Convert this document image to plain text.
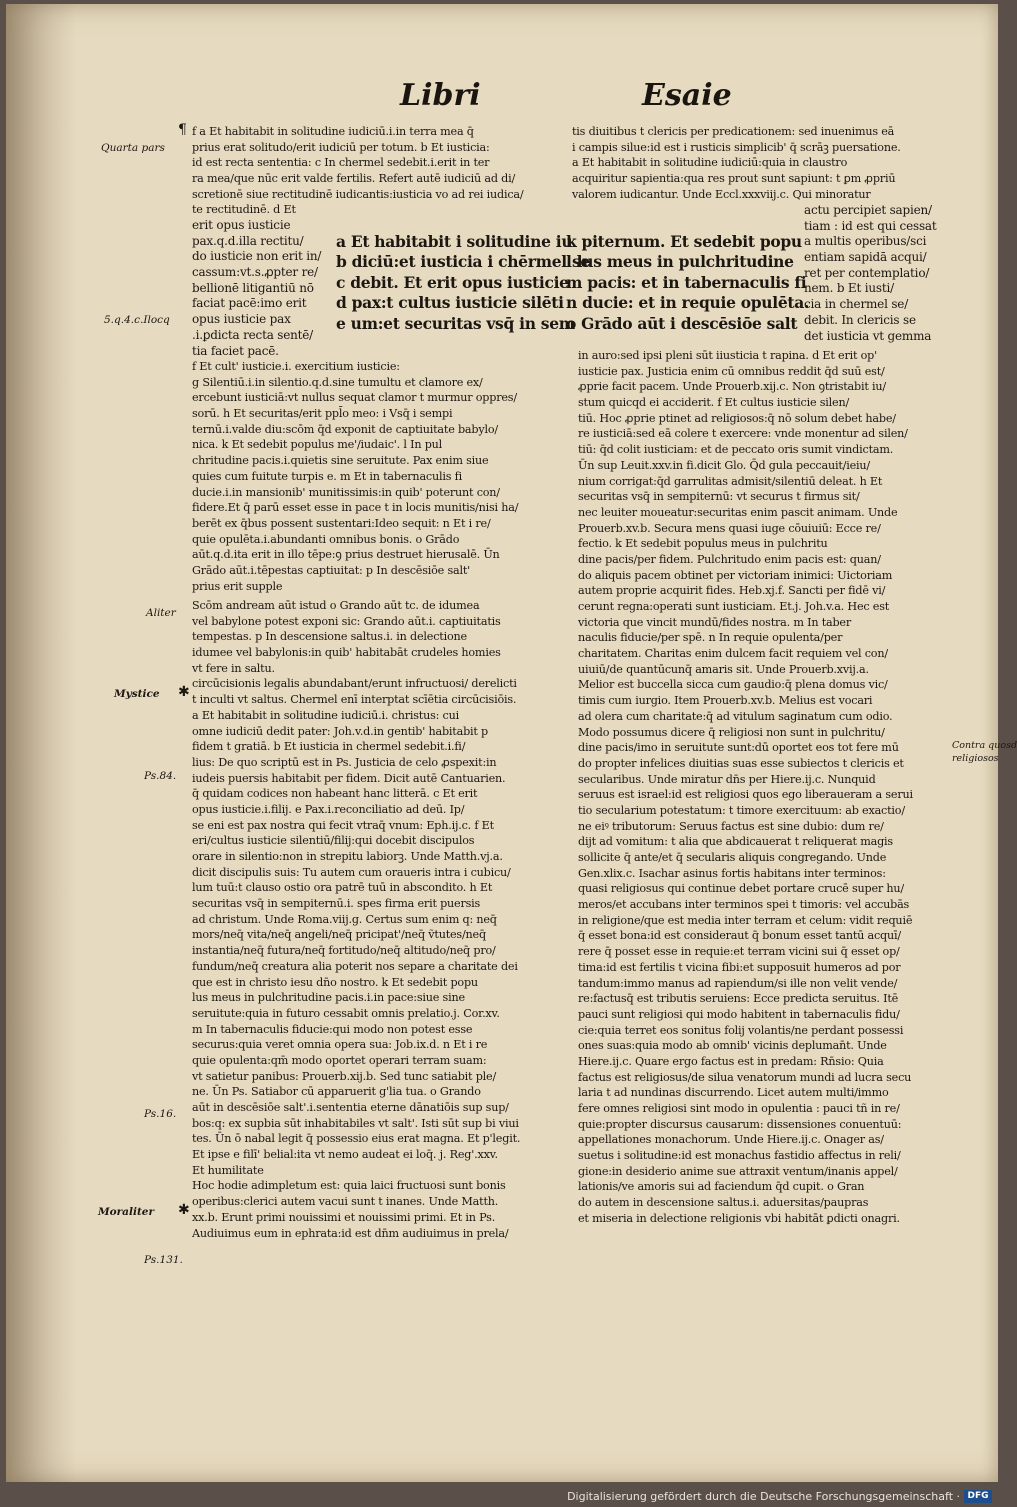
Libri	Esaie
Quarta pars
5.q.4.c.Ilocq
Aliter
Mystice
Ps.84.
Ps.16.
Moraliter
Ps.131.
Contra quosd
religiosos
f a Et habitabit in solitudine iudiciū.i.in terra mea q̄
prius erat solitudo/erit iudiciū per totum. b Et iusticia:
id est recta sententia: c In chermel sedebit.i.erit in ter
ra mea/que nūc erit valde fertilis. Refert autē iudiciū ad di/
scretionē siue rectitudinē iudicantis:iusticia vo ad rei iudica/
te rectitudinē. d Et
erit opus iusticie
pax.q.d.illa rectitu/
do iusticie non erit in/
cassum:vt.s.ꝓpter re/
bellionē litigantiū nō
faciat pacē:imo erit
opus iusticie pax
.i.ꝑdicta recta sentē/
tia faciet pacē.
a Et habitabit i solitudine iu
b diciū:et iusticia i chērmel se
c debit. Et erit opus iusticie
d pax:t cultus iusticie silēti
e um:et securitas vsq̄ in sem
k piternum. Et sedebit popu
l lus meus in pulchritudine
m pacis: et in tabernaculis fi
n ducie: et in requie opulēta.
o Grādo aūt i descēsiōe salt
tis diuitibus t clericis per predicationem: sed inuenimus eā
i campis silue:id est i rusticis simplicib' q̄ scrāꝫ puersatione.
a Et habitabit in solitudine iudiciū:quia in claustro
acquiritur sapientia:qua res prout sunt sapiunt: t ꝑm ꝓpriū
valorem iudicantur. Unde Eccl.xxxviij.c. Qui minoratur
actu percipiet sapien/
tiam : id est qui cessat
a multis operibus/sci
entiam sapidā acqui/
ret per contemplatio/
nem. b Et iusti/
cia in chermel se/
debit. In clericis se
det iusticia vt gemma
f Et cult' iusticie.i. exercitium iusticie:
g Silentiū.i.in silentio.q.d.sine tumultu et clamore ex/
ercebunt iusticiā:vt nullus sequat clamor t murmur oppres/
sorū. h Et securitas/erit ppl̄o meo: i Vsq̄ i sempi
ternū.i.valde diu:scōm q̄d exponit de captiuitate babylo/
nica. k Et sedebit populus me'/iudaic'. l In pul
chritudine pacis.i.quietis sine seruitute. Pax enim siue
quies cum fuitute turpis e. m Et in tabernaculis fi
ducie.i.in mansionib' munitissimis:in quib' poterunt con/
fidere.Et q̄ parū esset esse in pace t in locis munitis/nisi ha/
berēt ex q̄bus possent sustentari:Ideo sequit: n Et i re/
quie opulēta.i.abundanti omnibus bonis. o Grādo
aūt.q.d.ita erit in illo tēpe:ꝯ prius destruet hierusalē. Ūn
Grādo aūt.i.tēpestas captiuitat: p In descēsiōe salt'
prius erit supple
Scōm andream aūt istud o Grando aūt tc. de idumea
vel babylone potest exponi sic: Grando aūt.i. captiuitatis
tempestas. p In descensione saltus.i. in delectione
idumee vel babylonis:in quib' habitabāt crudeles homies
vt fere in saltu.
circūcisionis legalis abundabant/erunt infructuosi/ derelicti
t inculti vt saltus. Chermel enī interptat scīētia circūcisiōis.
a Et habitabit in solitudine iudiciū.i. christus: cui
omne iudiciū dedit pater: Joh.v.d.in gentib' habitabit p
fidem t gratiā. b Et iusticia in chermel sedebit.i.fi/
lius: De quo scriptū est in Ps. Justicia de celo ꝓspexit:in
iudeis puersis habitabit per fidem. Dicit autē Cantuarien.
q̄ quidam codices non habeant hanc litterā. c Et erit
opus iusticie.i.filij. e Pax.i.reconciliatio ad deū. Ip/
se eni est pax nostra qui fecit vtraq̄ vnum: Eph.ij.c. f Et
eri/cultus iusticie silentiū/filij:qui docebit discipulos
orare in silentio:non in strepitu labiorꝫ. Unde Matth.vj.a.
dicit discipulis suis: Tu autem cum oraueris intra i cubicu/
lum tuū:t clauso ostio ora patrē tuū in abscondito. h Et
securitas vsq̄ in sempiternū.i. spes firma erit puersis
ad christum. Unde Roma.viij.g. Certus sum enim q: neq̄
mors/neq̄ vita/neq̄ angeli/neq̄ pricipat'/neq̄ ṽtutes/neq̄
instantia/neq̄ futura/neq̄ fortitudo/neq̄ altitudo/neq̄ pro/
fundum/neq̄ creatura alia poterit nos separe a charitate dei
que est in christo iesu dn̄o nostro. k Et sedebit popu
lus meus in pulchritudine pacis.i.in pace:siue sine
seruitute:quia in futuro cessabit omnis prelatio.j. Cor.xv.
m In tabernaculis fiducie:qui modo non potest esse
securus:quia veret omnia opera sua: Job.ix.d. n Et i re
quie opulenta:qm̄ modo oportet operari terram suam:
vt satietur panibus: Prouerb.xij.b. Sed tunc satiabit ple/
ne. Ūn Ps. Satiabor cū apparuerit g'lia tua. o Grando
aūt in descēsiōe salt'.i.sententia eterne dānatiōis sup sup/
bos:q: ex supbia sūt inhabitabiles vt salt'. Isti sūt sup bi viui
tes. Ūn ō nabal legit q̄ possessio eius erat magna. Et p'legit.
Et ipse e filī' belial:ita vt nemo audeat ei loq̄. j. Reg'.xxv.
Et humilitate
Hoc hodie adimpletum est: quia laici fructuosi sunt bonis
operibus:clerici autem vacui sunt t inanes. Unde Matth.
xx.b. Erunt primi nouissimi et nouissimi primi. Et in Ps.
Audiuimus eum in ephrata:id est dn̄m audiuimus in prela/
in auro:sed ipsi pleni sūt iiusticia t rapina. d Et erit op'
iusticie pax. Justicia enim cū omnibus reddit q̄d suū est/
ꝓprie facit pacem. Unde Prouerb.xij.c. Non ꝯtristabit iu/
stum quicqd ei acciderit. f Et cultus iusticie silen/
tiū. Hoc ꝓprie ptinet ad religiosos:q̄ nō solum debet habe/
re iusticiā:sed eā colere t exercere: vnde monentur ad silen/
tiū: q̄d colit iusticiam: et de peccato oris sumit vindictam.
Ūn sup Leuit.xxv.in fi.dicit Glo. Q̄d gula peccauit/ieiu/
nium corrigat:q̄d garrulitas admisit/silentiū deleat. h Et
securitas vsq̄ in sempiternū: vt securus t firmus sit/
nec leuiter moueatur:securitas enim pascit animam. Unde
Prouerb.xv.b. Secura mens quasi iuge cōuiuiū: Ecce re/
fectio. k Et sedebit populus meus in pulchritu
dine pacis/per fidem. Pulchritudo enim pacis est: quan/
do aliquis pacem obtinet per victoriam inimici: Uictoriam
autem proprie acquirit fides. Heb.xj.f. Sancti per fidē vi/
cerunt regna:operati sunt iusticiam. Et.j. Joh.v.a. Hec est
victoria que vincit mundū/fides nostra. m In taber
naculis fiducie/per spē. n In requie opulenta/per
charitatem. Charitas enim dulcem facit requiem vel con/
uiuiū/de quantūcunq̄ amaris sit. Unde Prouerb.xvij.a.
Melior est buccella sicca cum gaudio:q̄ plena domus vic/
timis cum iurgio. Item Prouerb.xv.b. Melius est vocari
ad olera cum charitate:q̄ ad vitulum saginatum cum odio.
Modo possumus dicere q̄ religiosi non sunt in pulchritu/
dine pacis/imo in seruitute sunt:dū oportet eos tot fere mū
do propter infelices diuitias suas esse subiectos t clericis et
secularibus. Unde miratur dn̄s per Hiere.ij.c. Nunquid
seruus est israel:id est religiosi quos ego liberaueram a serui
tio secularium potestatum: t timore exercituum: ab exactio/
ne eiꝰ tributorum: Seruus factus est sine dubio: dum re/
dijt ad vomitum: t alia que abdicauerat t reliquerat magis
sollicite q̄ ante/et q̄ secularis aliquis congregando. Unde
Gen.xlix.c. Isachar asinus fortis habitans inter terminos:
quasi religiosus qui continue debet portare crucē super hu/
meros/et accubans inter terminos spei t timoris: vel accubās
in religione/que est media inter terram et celum: vidit requiē
q̄ esset bona:id est consideraut q̄ bonum esset tantū acquī/
rere q̄ posset esse in requie:et terram vicini sui q̄ esset op/
tima:id est fertilis t vicina fibi:et supposuit humeros ad por
tandum:immo manus ad rapiendum/si ille non velit vende/
re:factusq̄ est tributis seruiens: Ecce predicta seruitus. Itē
pauci sunt religiosi qui modo habitent in tabernaculis fidu/
cie:quia terret eos sonitus folij volantis/ne perdant possessi
ones suas:quia modo ab omnib' vicinis depluman̄t. Unde
Hiere.ij.c. Quare ergo factus est in predam: Rn̄sio: Quia
factus est religiosus/de silua venatorum mundi ad lucra secu
laria t ad nundinas discurrendo. Licet autem multi/immo
fere omnes religiosi sint modo in opulentia : pauci tñ in re/
quie:propter discursus causarum: dissensiones conuentuū:
appellationes monachorum. Unde Hiere.ij.c. Onager as/
suetus i solitudine:id est monachus fastidio affectus in reli/
gione:in desiderio anime sue attraxit ventum/inanis appel/
lationis/ve amoris sui ad faciendum q̄d cupit. o Gran
do autem in descensione saltus.i. aduersitas/paupras
et miseria in delectione religionis vbi habitāt ꝑdicti onagri.
¶
✱
✱
Digitalisierung gefördert durch die Deutsche Forschungsgemeinschaft · DFG
